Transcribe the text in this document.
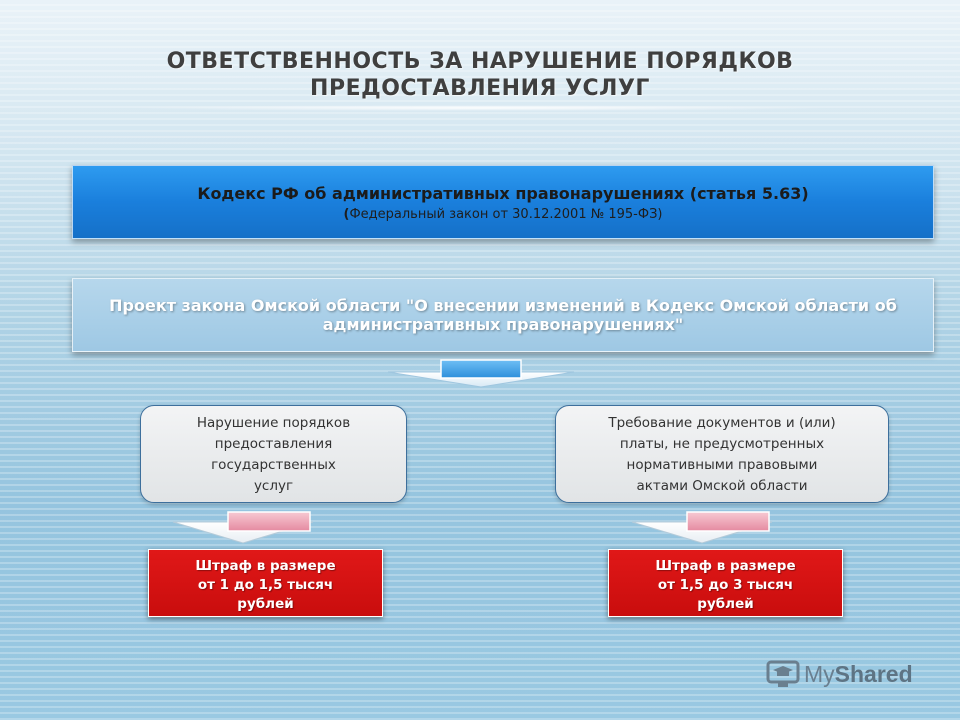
ОТВЕТСТВЕННОСТЬ ЗА НАРУШЕНИЕ ПОРЯДКОВ
ПРЕДОСТАВЛЕНИЯ УСЛУГ
Кодекс РФ об административных правонарушениях (статья 5.63)
(Федеральный закон от 30.12.2001 № 195-ФЗ)
Проект закона Омской области "О внесении изменений в Кодекс Омской области об административных правонарушениях"
Нарушение порядков
предоставления
государственных
услуг
Требование документов и (или)
платы, не предусмотренных
нормативными правовыми
актами Омской области
Штраф в размере
от 1 до 1,5 тысяч
рублей
Штраф в размере
от 1,5 до 3 тысяч
рублей
My Shared
